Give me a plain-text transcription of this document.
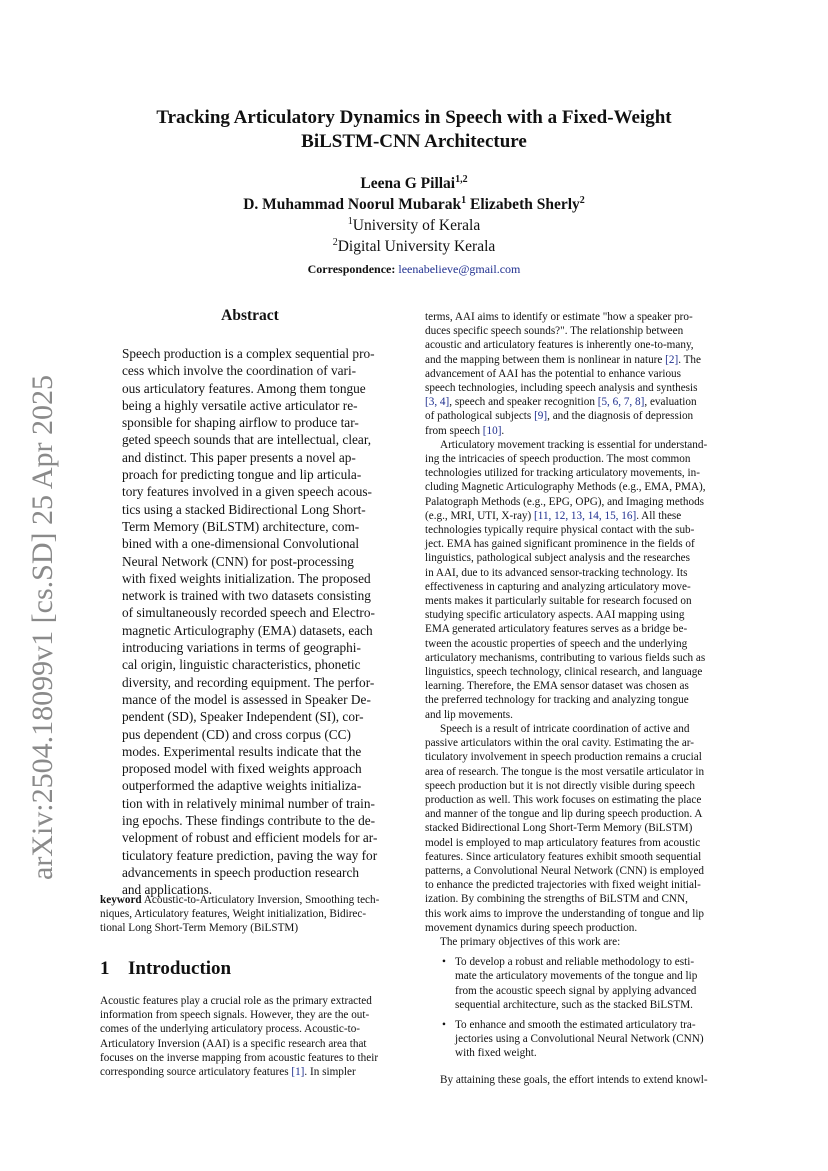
arXiv:2504.18099v1 [cs.SD] 25 Apr 2025
Tracking Articulatory Dynamics in Speech with a Fixed-Weight
BiLSTM-CNN Architecture
Leena G Pillai$^{1,2}$
D. Muhammad Noorul Mubarak$^1$ Elizabeth Sherly$^2$
$^1$University of Kerala
$^2$Digital University Kerala
Correspondence: leenabelieve@gmail.com
Abstract

Speech production is a complex sequential pro-

cess which involve the coordination of vari-

ous articulatory features. Among them tongue

being a highly versatile active articulator re-

sponsible for shaping airflow to produce tar-

geted speech sounds that are intellectual, clear,

and distinct. This paper presents a novel ap-

proach for predicting tongue and lip articula-

tory features involved in a given speech acous-

tics using a stacked Bidirectional Long Short-

Term Memory (BiLSTM) architecture, com-

bined with a one-dimensional Convolutional

Neural Network (CNN) for post-processing

with fixed weights initialization. The proposed

network is trained with two datasets consisting

of simultaneously recorded speech and Electro-

magnetic Articulography (EMA) datasets, each

introducing variations in terms of geographi-

cal origin, linguistic characteristics, phonetic

diversity, and recording equipment. The perfor-

mance of the model is assessed in Speaker De-

pendent (SD), Speaker Independent (SI), cor-

pus dependent (CD) and cross corpus (CC)

modes. Experimental results indicate that the

proposed model with fixed weights approach

outperformed the adaptive weights initializa-

tion with in relatively minimal number of train-

ing epochs. These findings contribute to the de-

velopment of robust and efficient models for ar-

ticulatory feature prediction, paving the way for

advancements in speech production research

and applications.

keyword Acoustic-to-Articulatory Inversion, Smoothing tech-

niques, Articulatory features, Weight initialization, Bidirec-

tional Long Short-Term Memory (BiLSTM)

1 Introduction

Acoustic features play a crucial role as the primary extracted

information from speech signals. However, they are the out-

comes of the underlying articulatory process. Acoustic-to-

Articulatory Inversion (AAI) is a specific research area that

focuses on the inverse mapping from acoustic features to their

corresponding source articulatory features [1]. In simpler

terms, AAI aims to identify or estimate "how a speaker pro-

duces specific speech sounds?". The relationship between

acoustic and articulatory features is inherently one-to-many,

and the mapping between them is nonlinear in nature [2]. The

advancement of AAI has the potential to enhance various

speech technologies, including speech analysis and synthesis

[3, 4], speech and speaker recognition [5, 6, 7, 8], evaluation

of pathological subjects [9], and the diagnosis of depression

from speech [10].

Articulatory movement tracking is essential for understand-

ing the intricacies of speech production. The most common

technologies utilized for tracking articulatory movements, in-

cluding Magnetic Articulography Methods (e.g., EMA, PMA),

Palatograph Methods (e.g., EPG, OPG), and Imaging methods

(e.g., MRI, UTI, X-ray) [11, 12, 13, 14, 15, 16]. All these

technologies typically require physical contact with the sub-

ject. EMA has gained significant prominence in the fields of

linguistics, pathological subject analysis and the researches

in AAI, due to its advanced sensor-tracking technology. Its

effectiveness in capturing and analyzing articulatory move-

ments makes it particularly suitable for research focused on

studying specific articulatory aspects. AAI mapping using

EMA generated articulatory features serves as a bridge be-

tween the acoustic properties of speech and the underlying

articulatory mechanisms, contributing to various fields such as

linguistics, speech technology, clinical research, and language

learning. Therefore, the EMA sensor dataset was chosen as

the preferred technology for tracking and analyzing tongue

and lip movements.

Speech is a result of intricate coordination of active and

passive articulators within the oral cavity. Estimating the ar-

ticulatory involvement in speech production remains a crucial

area of research. The tongue is the most versatile articulator in

speech production but it is not directly visible during speech

production as well. This work focuses on estimating the place

and manner of the tongue and lip during speech production. A

stacked Bidirectional Long Short-Term Memory (BiLSTM)

model is employed to map articulatory features from acoustic

features. Since articulatory features exhibit smooth sequential

patterns, a Convolutional Neural Network (CNN) is employed

to enhance the predicted trajectories with fixed weight initial-

ization. By combining the strengths of BiLSTM and CNN,

this work aims to improve the understanding of tongue and lip

movement dynamics during speech production.

The primary objectives of this work are:

• To develop a robust and reliable methodology to esti-

mate the articulatory movements of the tongue and lip

from the acoustic speech signal by applying advanced

sequential architecture, such as the stacked BiLSTM.

• To enhance and smooth the estimated articulatory tra-

jectories using a Convolutional Neural Network (CNN)

with fixed weight.

By attaining these goals, the effort intends to extend knowl-
